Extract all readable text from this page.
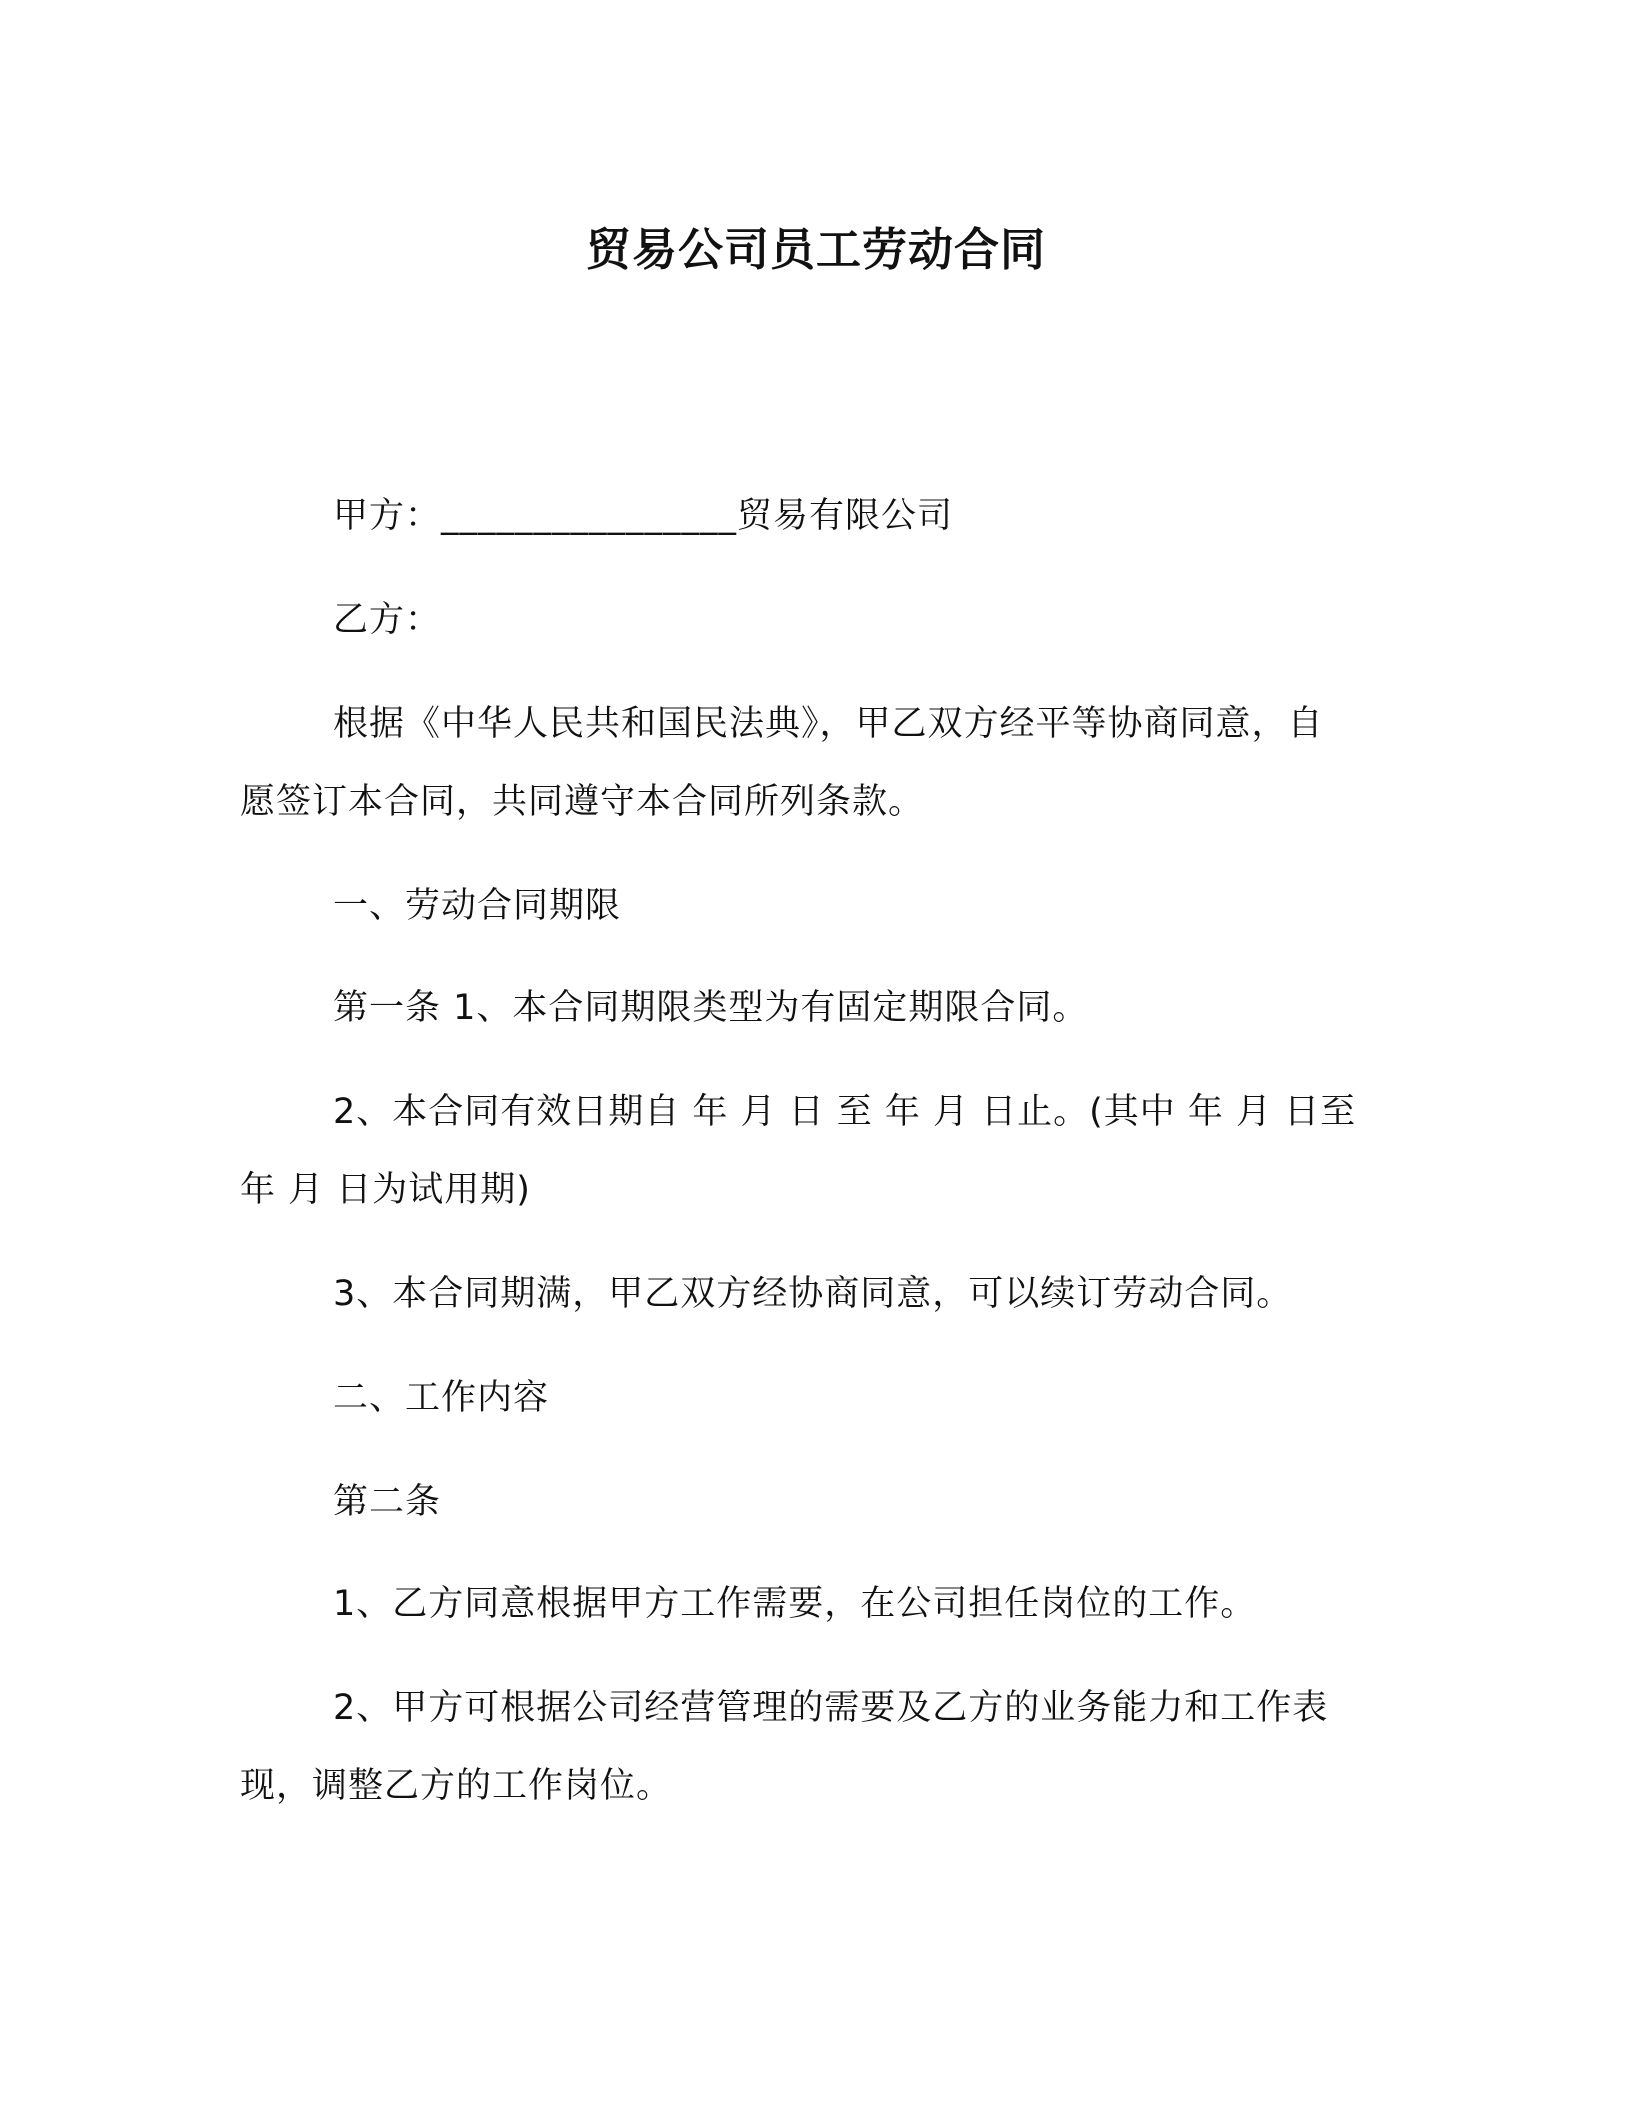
贸易公司员工劳动合同
甲方：________________贸易有限公司
乙方：
根据《中华人民共和国民法典》，甲乙双方经平等协商同意，自
愿签订本合同，共同遵守本合同所列条款。
一、劳动合同期限
第一条 1、本合同期限类型为有固定期限合同。
2、本合同有效日期自 年 月 日 至 年 月 日止。(其中 年 月 日至
年 月 日为试用期)
3、本合同期满，甲乙双方经协商同意，可以续订劳动合同。
二、工作内容
第二条
1、乙方同意根据甲方工作需要，在公司担任岗位的工作。
2、甲方可根据公司经营管理的需要及乙方的业务能力和工作表
现，调整乙方的工作岗位。
